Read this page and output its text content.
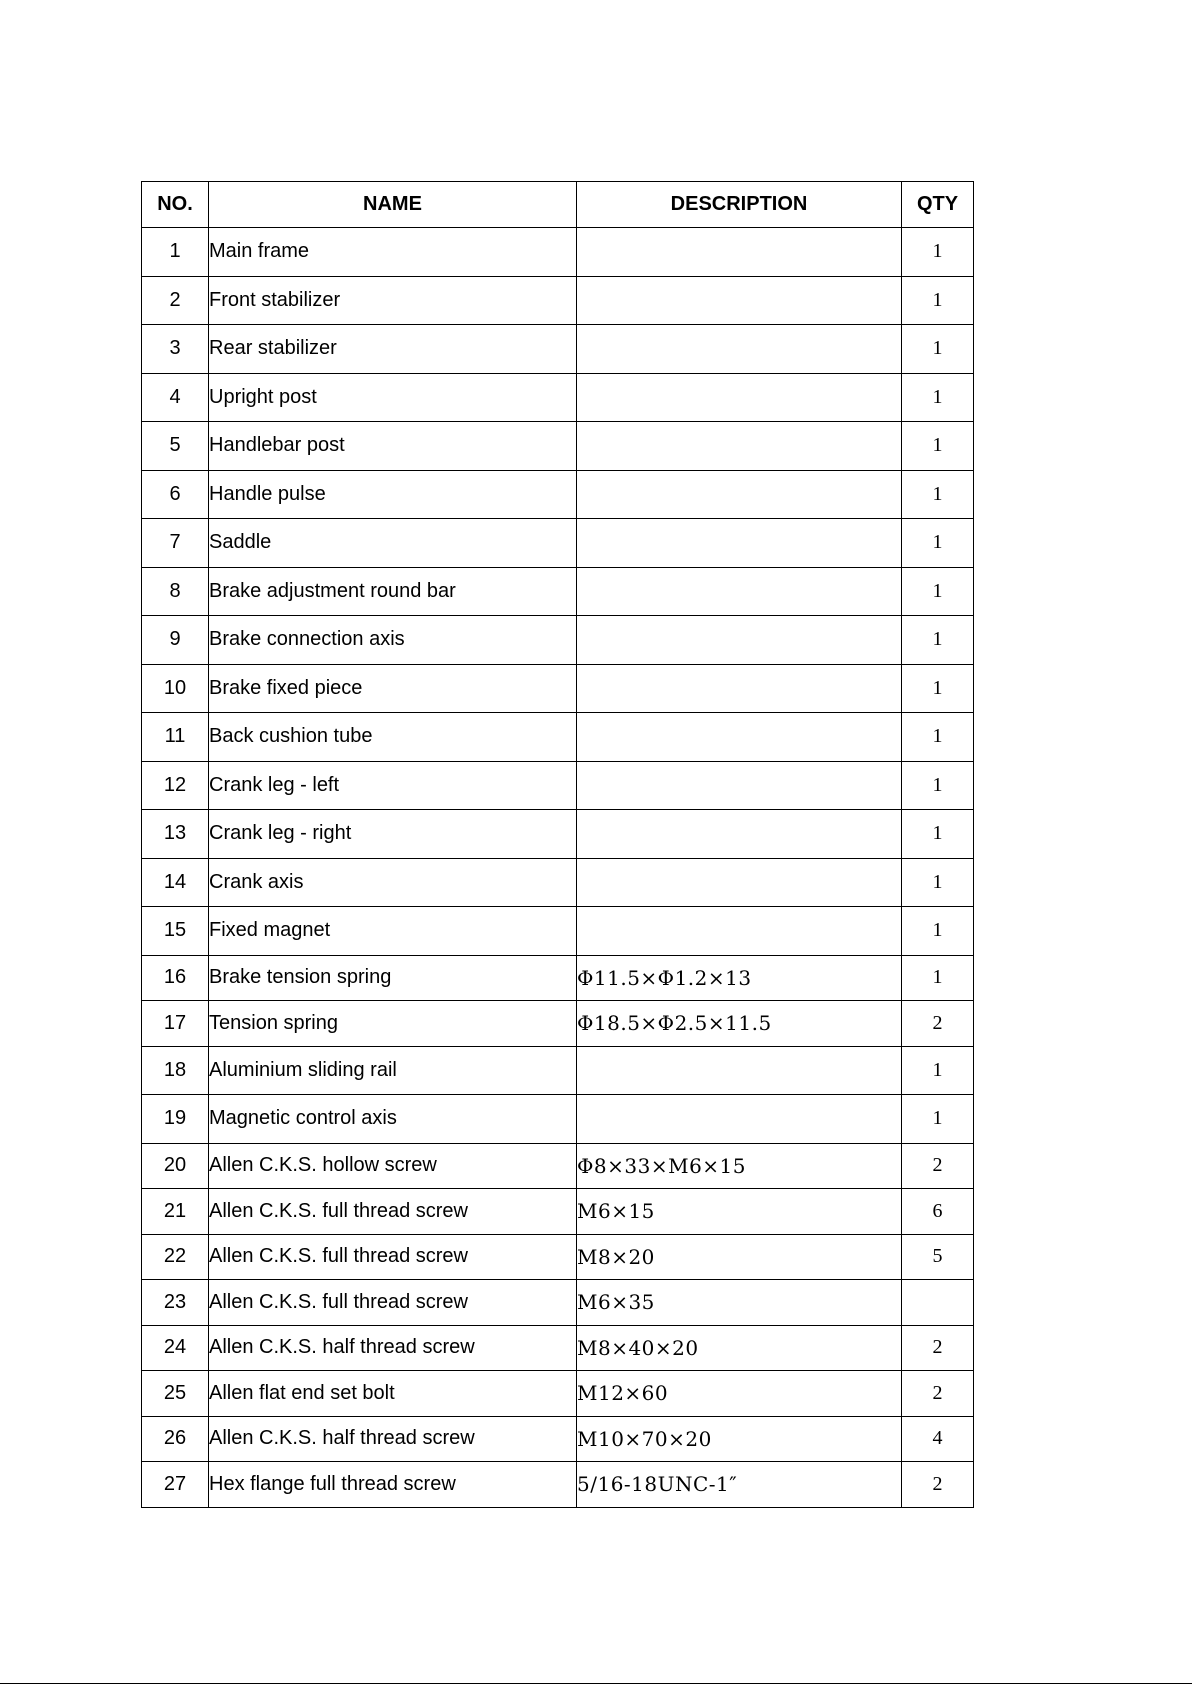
NO.	NAME	DESCRIPTION	QTY
1	Main frame		1
2	Front stabilizer		1
3	Rear stabilizer		1
4	Upright post		1
5	Handlebar post		1
6	Handle pulse		1
7	Saddle		1
8	Brake adjustment round bar		1
9	Brake connection axis		1
10	Brake fixed piece		1
11	Back cushion tube		1
12	Crank leg - left		1
13	Crank leg - right		1
14	Crank axis		1
15	Fixed magnet		1
16	Brake tension spring	Φ11.5×Φ1.2×13	1
17	Tension spring	Φ18.5×Φ2.5×11.5	2
18	Aluminium sliding rail		1
19	Magnetic control axis		1
20	Allen C.K.S. hollow screw	Φ8×33×M6×15	2
21	Allen C.K.S. full thread screw	M6×15	6
22	Allen C.K.S. full thread screw	M8×20	5
23	Allen C.K.S. full thread screw	M6×35	
24	Allen C.K.S. half thread screw	M8×40×20	2
25	Allen flat end set bolt	M12×60	2
26	Allen C.K.S. half thread screw	M10×70×20	4
27	Hex flange full thread screw	5/16-18UNC-1″	2
